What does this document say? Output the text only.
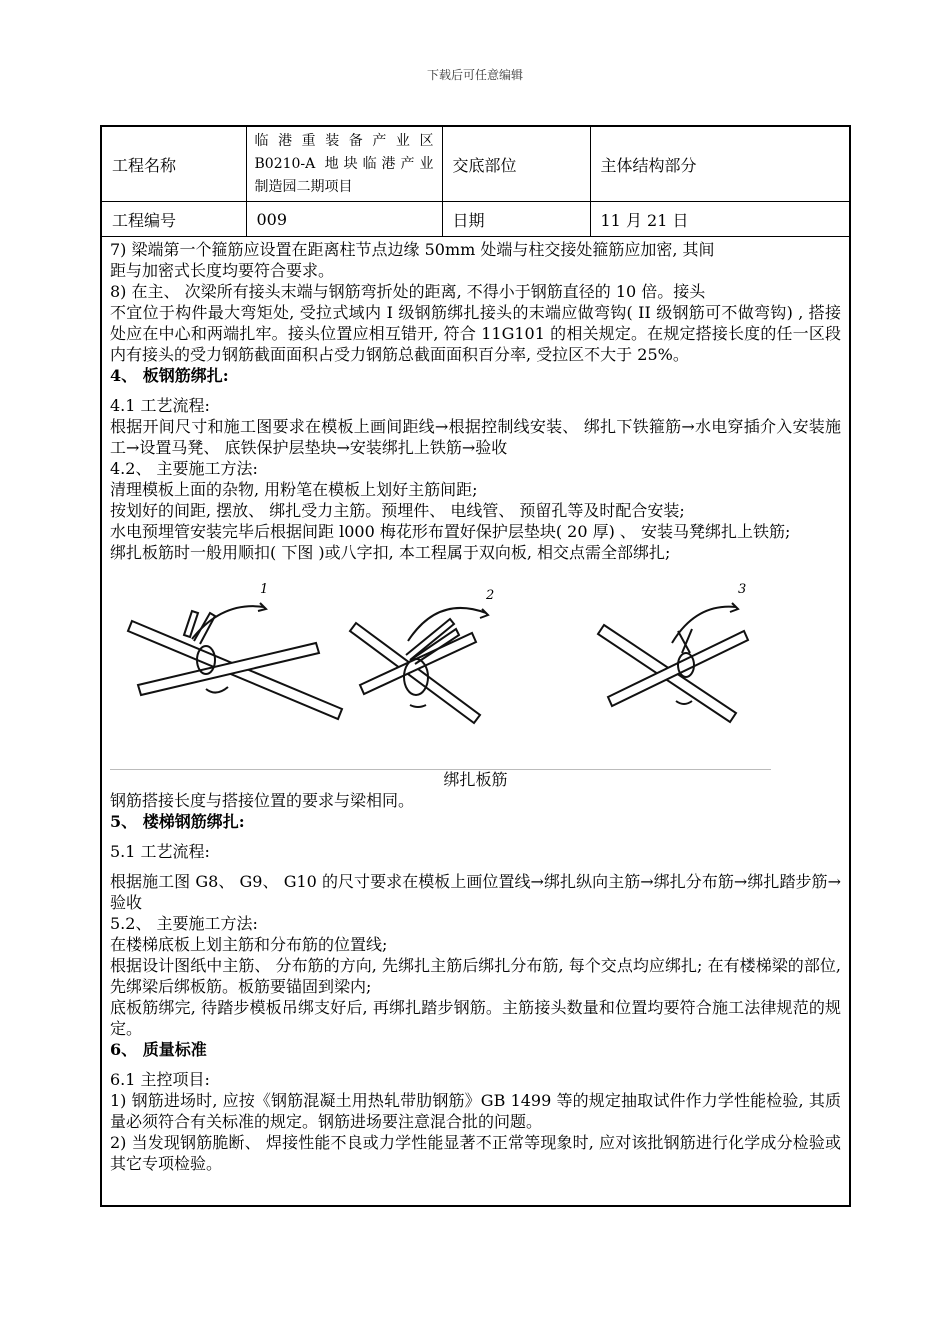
下载后可任意编辑
工程名称	临港重装备产业区
B0210-A 地块临港产业
制造园二期项目	交底部位	主体结构部分
工程编号	009	日期	11 月 21 日

7) 梁端第一个箍筋应设置在距离柱节点边缘 50mm 处端与柱交接处箍筋应加密, 其间

距与加密式长度均要符合要求。

8) 在主、 次梁所有接头末端与钢筋弯折处的距离, 不得小于钢筋直径的 10 倍。接头

不宜位于构件最大弯矩处, 受拉式域内 I 级钢筋绑扎接头的末端应做弯钩( II 级钢筋可不做弯钩) , 搭接处应在中心和两端扎牢。接头位置应相互错开, 符合 11G101 的相关规定。在规定搭接长度的任一区段内有接头的受力钢筋截面面积占受力钢筋总截面面积百分率, 受拉区不大于 25%。

4、 板钢筋绑扎:

4.1 工艺流程:

根据开间尺寸和施工图要求在模板上画间距线→根据控制线安装、 绑扎下铁箍筋→水电穿插介入安装施工→设置马凳、 底铁保护层垫块→安装绑扎上铁筋→验收

4.2、 主要施工方法:

清理模板上面的杂物, 用粉笔在模板上划好主筋间距;

按划好的间距, 摆放、 绑扎受力主筋。预埋件、 电线管、 预留孔等及时配合安装;

水电预埋管安装完毕后根据间距 l000 梅花形布置好保护层垫块( 20 厚) 、 安装马凳绑扎上铁筋;

绑扎板筋时一般用顺扣( 下图 )或八字扣, 本工程属于双向板, 相交点需全部绑扎;

1	2	3
绑扎板筋

钢筋搭接长度与搭接位置的要求与梁相同。

5、 楼梯钢筋绑扎:

5.1 工艺流程:

根据施工图 G8、 G9、 G10 的尺寸要求在模板上画位置线→绑扎纵向主筋→绑扎分布筋→绑扎踏步筋→验收

5.2、 主要施工方法:

在楼梯底板上划主筋和分布筋的位置线;

根据设计图纸中主筋、 分布筋的方向, 先绑扎主筋后绑扎分布筋, 每个交点均应绑扎; 在有楼梯梁的部位, 先绑梁后绑板筋。板筋要锚固到梁内;

底板筋绑完, 待踏步模板吊绑支好后, 再绑扎踏步钢筋。主筋接头数量和位置均要符合施工法律规范的规定。

6、 质量标准

6.1 主控项目:

1) 钢筋进场时, 应按《钢筋混凝土用热轧带肋钢筋》GB 1499 等的规定抽取试件作力学性能检验, 其质量必须符合有关标准的规定。钢筋进场要注意混合批的问题。

2) 当发现钢筋脆断、 焊接性能不良或力学性能显著不正常等现象时, 应对该批钢筋进行化学成分检验或其它专项检验。
